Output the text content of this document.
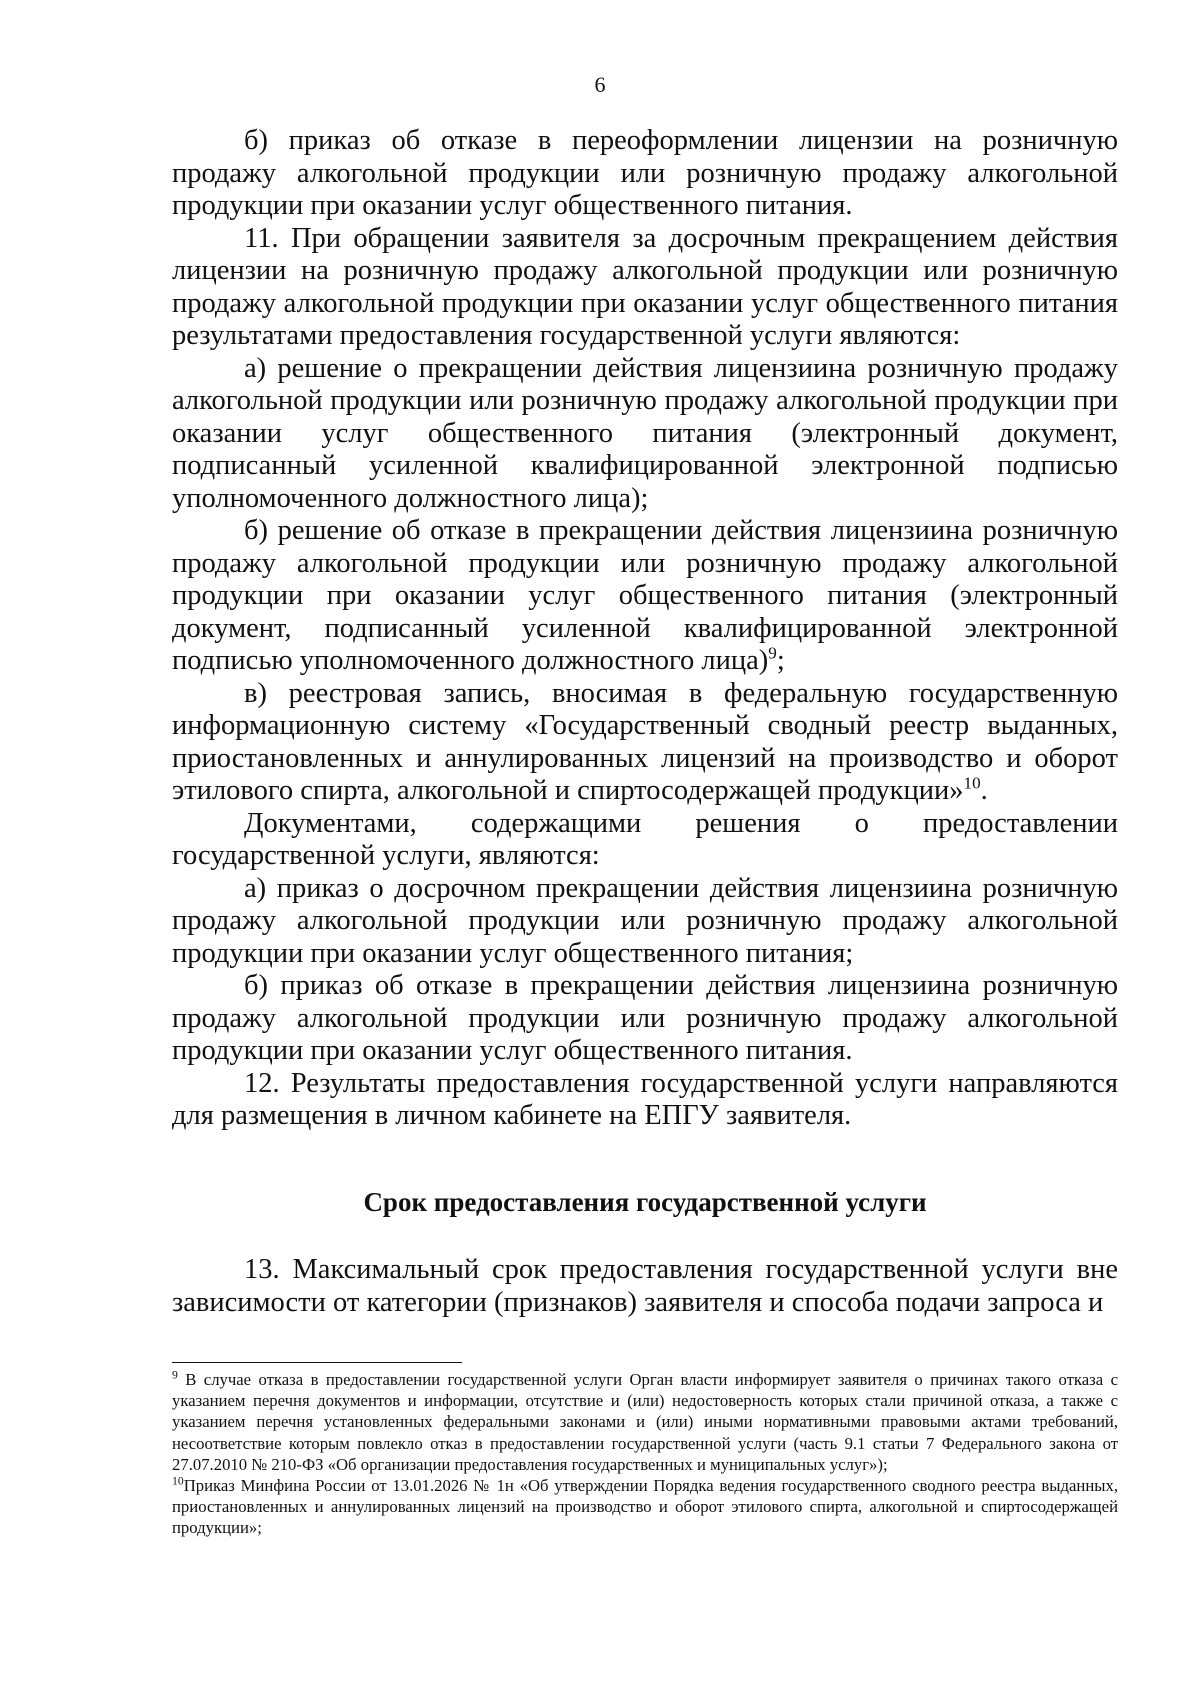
6

б) приказ об отказе в переоформлении лицензии на розничную продажу алкогольной продукции или розничную продажу алкогольной продукции при оказании услуг общественного питания.

11. При обращении заявителя за досрочным прекращением действия лицензии на розничную продажу алкогольной продукции или розничную продажу алкогольной продукции при оказании услуг общественного питания результатами предоставления государственной услуги являются:

а) решение о прекращении действия лицензиина розничную продажу алкогольной продукции или розничную продажу алкогольной продукции при оказании услуг общественного питания (электронный документ, подписанный усиленной квалифицированной электронной подписью уполномоченного должностного лица);

б) решение об отказе в прекращении действия лицензиина розничную продажу алкогольной продукции или розничную продажу алкогольной продукции при оказании услуг общественного питания (электронный документ, подписанный усиленной квалифицированной электронной подписью уполномоченного должностного лица)$^9$;

в) реестровая запись, вносимая в федеральную государственную информационную систему «Государственный сводный реестр выданных, приостановленных и аннулированных лицензий на производство и оборот этилового спирта, алкогольной и спиртосодержащей продукции»$^{10}$.

Документами, содержащими решения о предоставлении государственной услуги, являются:

а) приказ о досрочном прекращении действия лицензиина розничную продажу алкогольной продукции или розничную продажу алкогольной продукции при оказании услуг общественного питания;

б) приказ об отказе в прекращении действия лицензиина розничную продажу алкогольной продукции или розничную продажу алкогольной продукции при оказании услуг общественного питания.

12. Результаты предоставления государственной услуги направляются для размещения в личном кабинете на ЕПГУ заявителя.

Срок предоставления государственной услуги

13. Максимальный срок предоставления государственной услуги вне зависимости от категории (признаков) заявителя и способа подачи запроса и

$^9$ В случае отказа в предоставлении государственной услуги Орган власти информирует заявителя о причинах такого отказа с указанием перечня документов и информации, отсутствие и (или) недостоверность которых стали причиной отказа, а также с указанием перечня установленных федеральными законами и (или) иными нормативными правовыми актами требований, несоответствие которым повлекло отказ в предоставлении государственной услуги (часть 9.1 статьи 7 Федерального закона от 27.07.2010 № 210-ФЗ «Об организации предоставления государственных и муниципальных услуг»);

$^{10}$Приказ Минфина России от 13.01.2026 № 1н «Об утверждении Порядка ведения государственного сводного реестра выданных, приостановленных и аннулированных лицензий на производство и оборот этилового спирта, алкогольной и спиртосодержащей продукции»;
